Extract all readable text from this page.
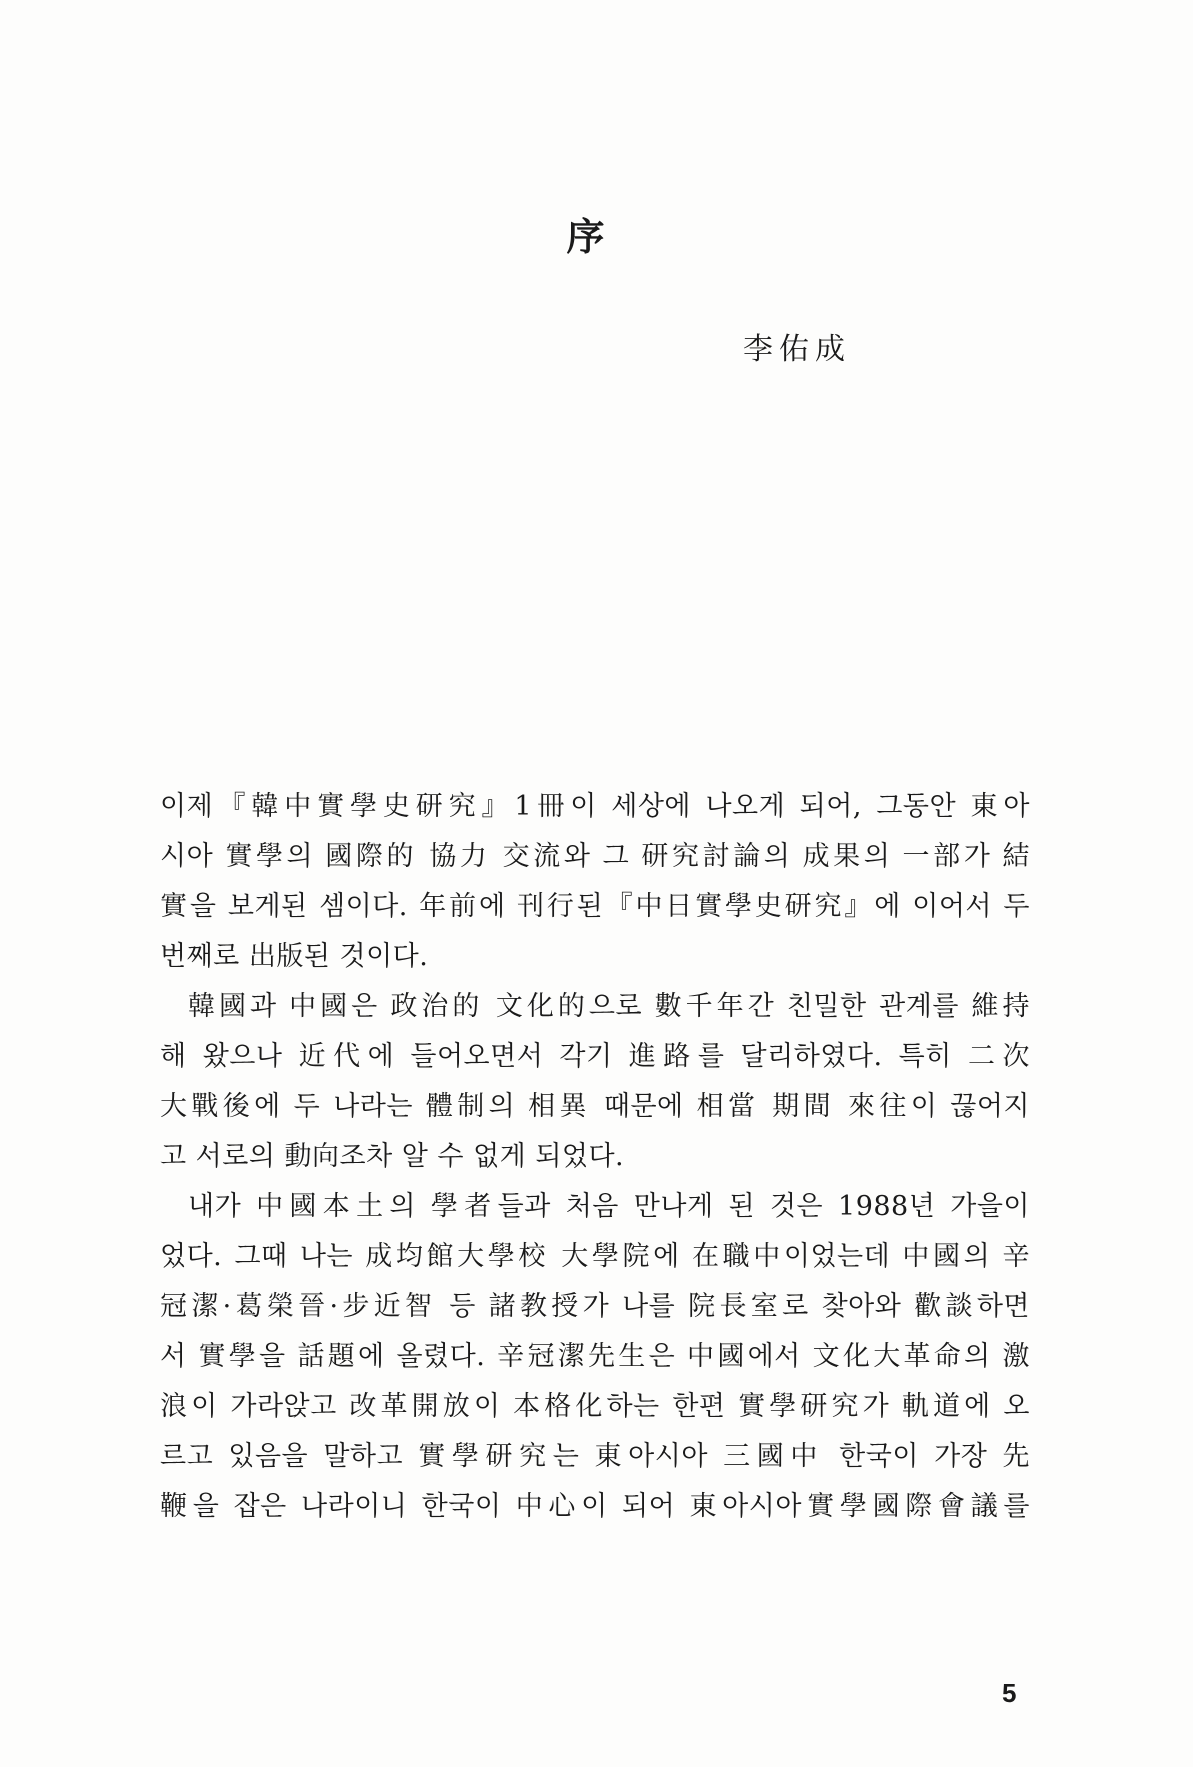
序
李佑成
이제『韓中實學史研究』1冊이 세상에 나오게 되어, 그동안 東아
시아 實學의 國際的 協力 交流와 그 研究討論의 成果의 一部가 結
實을 보게된 셈이다. 年前에 刊行된『中日實學史研究』에 이어서 두
번째로 出版된 것이다.
韓國과 中國은 政治的 文化的으로 數千年간 친밀한 관계를 維持
해 왔으나 近代에 들어오면서 각기 進路를 달리하였다. 특히 二次
大戰後에 두 나라는 體制의 相異 때문에 相當 期間 來往이 끊어지
고 서로의 動向조차 알 수 없게 되었다.
내가 中國本土의 學者들과 처음 만나게 된 것은 1988년 가을이
었다. 그때 나는 成均館大學校 大學院에 在職中이었는데 中國의 辛
冠潔·葛榮晉·步近智 등 諸教授가 나를 院長室로 찾아와 歡談하면
서 實學을 話題에 올렸다. 辛冠潔先生은 中國에서 文化大革命의 激
浪이 가라앉고 改革開放이 本格化하는 한편 實學研究가 軌道에 오
르고 있음을 말하고 實學研究는 東아시아 三國中 한국이 가장 先
鞭을 잡은 나라이니 한국이 中心이 되어 東아시아實學國際會議를
5
